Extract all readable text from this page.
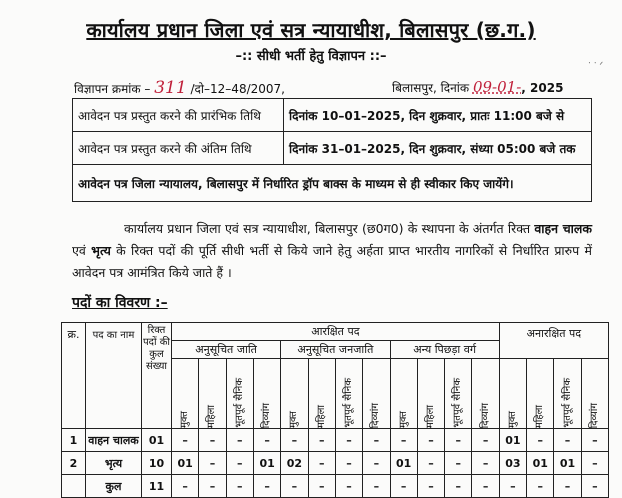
कार्यालय प्रधान जिला एवं सत्र न्यायाधीश, बिलासपुर (छ.ग.)
–:: सीधी भर्ती हेतु विज्ञापन ::–
ॱ ॱ ᐟ
विज्ञापन क्रमांक – 311 /दो–12–48/2007,	बिलासपुर, दिनांक 09-01-, 2025
आवेदन पत्र प्रस्तुत करने की प्रारंभिक तिथि	दिनांक 10–01–2025, दिन शुक्रवार, प्रातः 11:00 बजे से
आवेदन पत्र प्रस्तुत करने की अंतिम तिथि	दिनांक 31–01–2025, दिन शुक्रवार, संध्या 05:00 बजे तक
आवेदन पत्र जिला न्यायालय, बिलासपुर में निर्धारित ड्रॉप बाक्स के माध्यम से ही स्वीकार किए जायेंगे।	
कार्यालय प्रधान जिला एवं सत्र न्यायाधीश, बिलासपुर (छ0ग0) के स्थापना के अंतर्गत रिक्त वाहन चालक एवं भृत्य के रिक्त पदों की पूर्ति सीधी भर्ती से किये जाने हेतु अर्हता प्राप्त भारतीय नागरिकों से निर्धारित प्रारुप में आवेदन पत्र आमंत्रित किये जाते हैं ।
पदों का विवरण :–
क्र.	पद का नाम	रिक्त पदों की कुल संख्या	आरक्षित पद												अनारक्षित पद			
			अनुसूचित जाति				अनुसूचित जनजाति				अन्य पिछड़ा वर्ग							

			मुक्त	महिला	भूतपूर्व सैनिक	दिव्यांग	मुक्त	महिला	भूतपूर्व सैनिक	दिव्यांग	मुक्त	महिला	भूतपूर्व सैनिक	दिव्यांग	मुक्त	महिला	भूतपूर्व सैनिक	दिव्यांग

1	वाहन चालक	01	–	–	–	–	–	–	–	–	–	–	–	–	01	–	–	–
2	भृत्य	10	01	–	–	01	02	–	–	–	01	–	–	–	03	01	01	–
	कुल	11	–	–	–	–	–	–	–	–	–	–	–	–	–	–	–	–
